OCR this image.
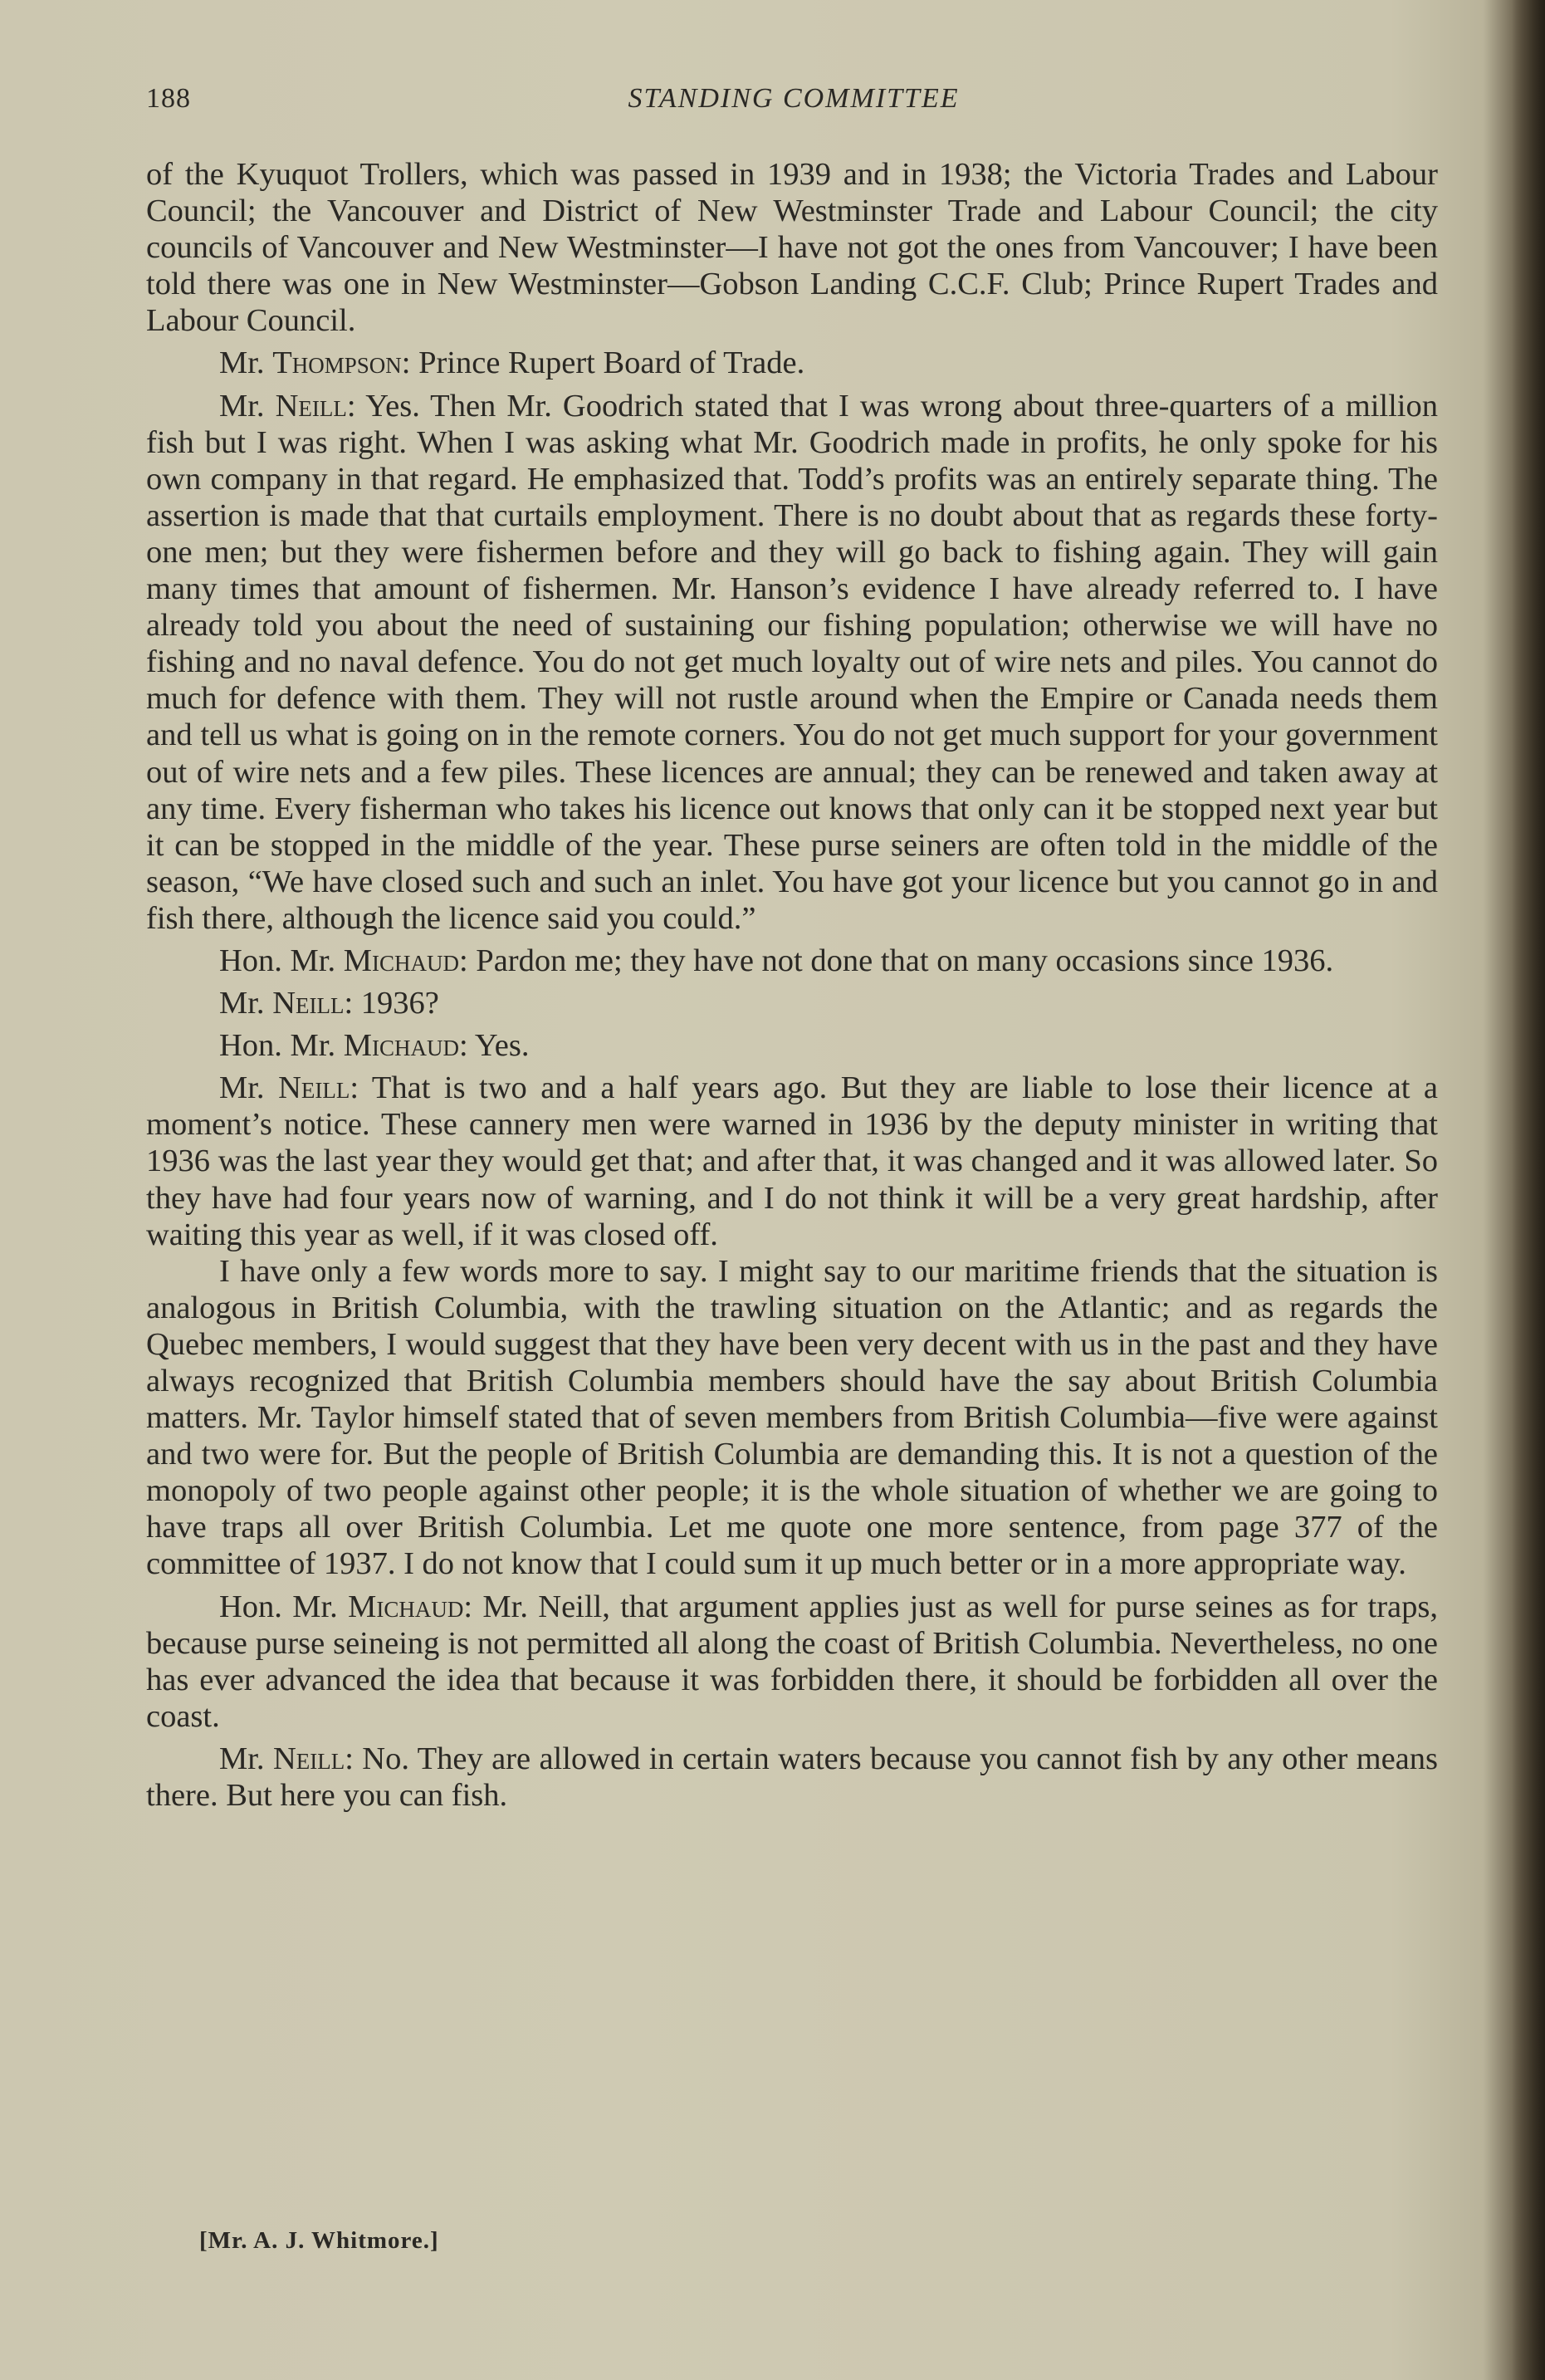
188	STANDING COMMITTEE

of the Kyuquot Trollers, which was passed in 1939 and in 1938; the Victoria Trades and Labour Council; the Vancouver and District of New Westminster Trade and Labour Council; the city councils of Vancouver and New Westminster—I have not got the ones from Vancouver; I have been told there was one in New Westminster—Gobson Landing C.C.F. Club; Prince Rupert Trades and Labour Council.

Mr. Thompson: Prince Rupert Board of Trade.

Mr. Neill: Yes. Then Mr. Goodrich stated that I was wrong about three-quarters of a million fish but I was right. When I was asking what Mr. Goodrich made in profits, he only spoke for his own company in that regard. He emphasized that. Todd’s profits was an entirely separate thing. The assertion is made that that curtails employment. There is no doubt about that as regards these forty-one men; but they were fishermen before and they will go back to fishing again. They will gain many times that amount of fishermen. Mr. Hanson’s evidence I have already referred to. I have already told you about the need of sustaining our fishing population; otherwise we will have no fishing and no naval defence. You do not get much loyalty out of wire nets and piles. You cannot do much for defence with them. They will not rustle around when the Empire or Canada needs them and tell us what is going on in the remote corners. You do not get much support for your government out of wire nets and a few piles. These licences are annual; they can be renewed and taken away at any time. Every fisherman who takes his licence out knows that only can it be stopped next year but it can be stopped in the middle of the year. These purse seiners are often told in the middle of the season, “We have closed such and such an inlet. You have got your licence but you cannot go in and fish there, although the licence said you could.”

Hon. Mr. Michaud: Pardon me; they have not done that on many occasions since 1936.

Mr. Neill: 1936?

Hon. Mr. Michaud: Yes.

Mr. Neill: That is two and a half years ago. But they are liable to lose their licence at a moment’s notice. These cannery men were warned in 1936 by the deputy minister in writing that 1936 was the last year they would get that; and after that, it was changed and it was allowed later. So they have had four years now of warning, and I do not think it will be a very great hardship, after waiting this year as well, if it was closed off.

I have only a few words more to say. I might say to our maritime friends that the situation is analogous in British Columbia, with the trawling situation on the Atlantic; and as regards the Quebec members, I would suggest that they have been very decent with us in the past and they have always recognized that British Columbia members should have the say about British Columbia matters. Mr. Taylor himself stated that of seven members from British Columbia—five were against and two were for. But the people of British Columbia are demanding this. It is not a question of the monopoly of two people against other people; it is the whole situation of whether we are going to have traps all over British Columbia. Let me quote one more sentence, from page 377 of the committee of 1937. I do not know that I could sum it up much better or in a more appropriate way.

Hon. Mr. Michaud: Mr. Neill, that argument applies just as well for purse seines as for traps, because purse seineing is not permitted all along the coast of British Columbia. Nevertheless, no one has ever advanced the idea that because it was forbidden there, it should be forbidden all over the coast.

Mr. Neill: No. They are allowed in certain waters because you cannot fish by any other means there. But here you can fish.

[Mr. A. J. Whitmore.]
